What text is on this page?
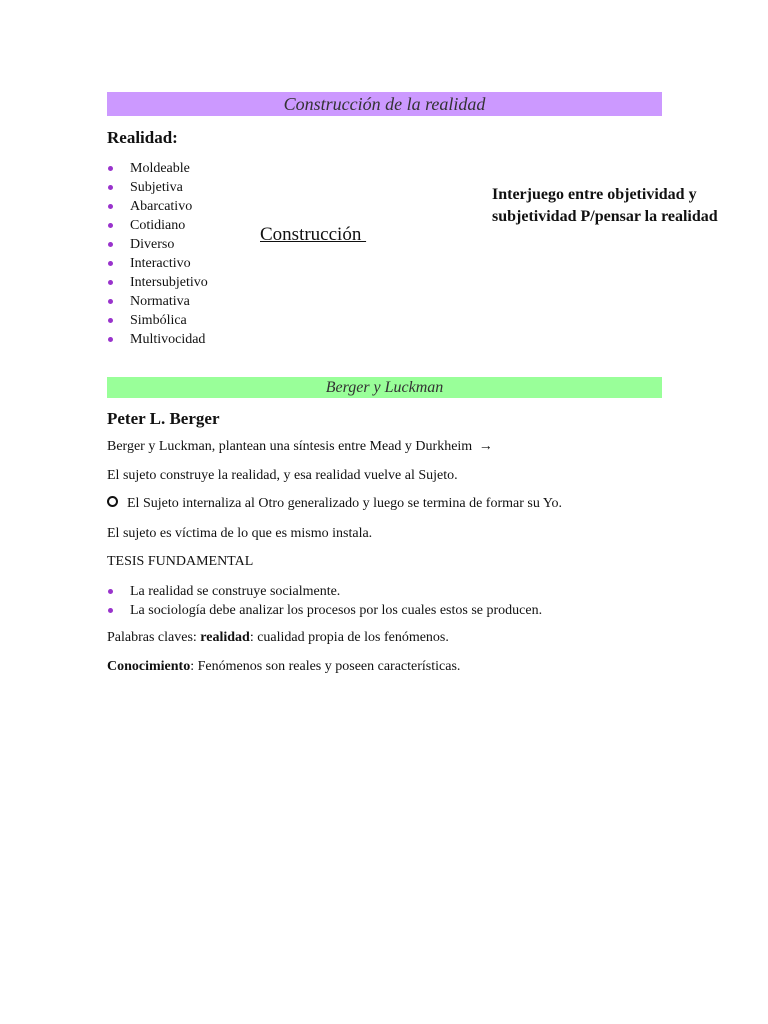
Construcción de la realidad
Realidad:
Moldeable
Subjetiva
Abarcativo
Cotidiano
Diverso
Interactivo
Intersubjetivo
Normativa
Simbólica
Multivocidad
Construcción
Interjuego entre objetividad y
subjetividad P/pensar la realidad
Berger y Luckman
Peter L. Berger
Berger y Luckman, plantean una síntesis entre Mead y Durkheim →
El sujeto construye la realidad, y esa realidad vuelve al Sujeto.
El Sujeto internaliza al Otro generalizado y luego se termina de formar su Yo.
El sujeto es víctima de lo que es mismo instala.
TESIS FUNDAMENTAL
La realidad se construye socialmente.
La sociología debe analizar los procesos por los cuales estos se producen.
Palabras claves: realidad: cualidad propia de los fenómenos.
Conocimiento: Fenómenos son reales y poseen características.
